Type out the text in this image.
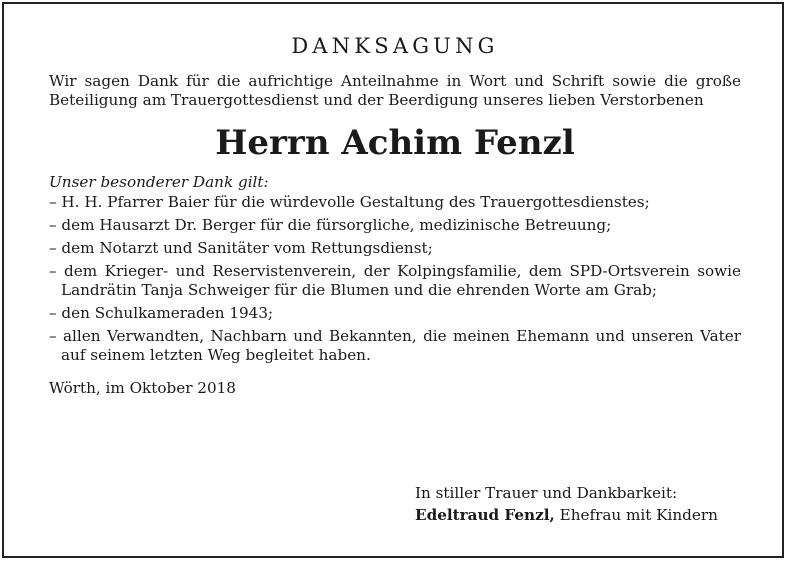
DANKSAGUNG

Wir sagen Dank für die aufrichtige Anteilnahme in Wort und Schrift sowie die große Beteiligung am Trauergottesdienst und der Beerdigung unseres lieben Verstorbenen

Herrn Achim Fenzl
Unser besonderer Dank gilt:
– H. H. Pfarrer Baier für die würdevolle Gestaltung des Trauergottesdienstes;
– dem Hausarzt Dr. Berger für die fürsorgliche, medizinische Betreuung;
– dem Notarzt und Sanitäter vom Rettungsdienst;
– dem Krieger- und Reservistenverein, der Kolpingsfamilie, dem SPD-Ortsverein sowie Landrätin Tanja Schweiger für die Blumen und die ehrenden Worte am Grab;
– den Schulkameraden 1943;
– allen Verwandten, Nachbarn und Bekannten, die meinen Ehemann und unseren Vater auf seinem letzten Weg begleitet haben.
Wörth, im Oktober 2018
In stiller Trauer und Dankbarkeit:
Edeltraud Fenzl, Ehefrau mit Kindern
